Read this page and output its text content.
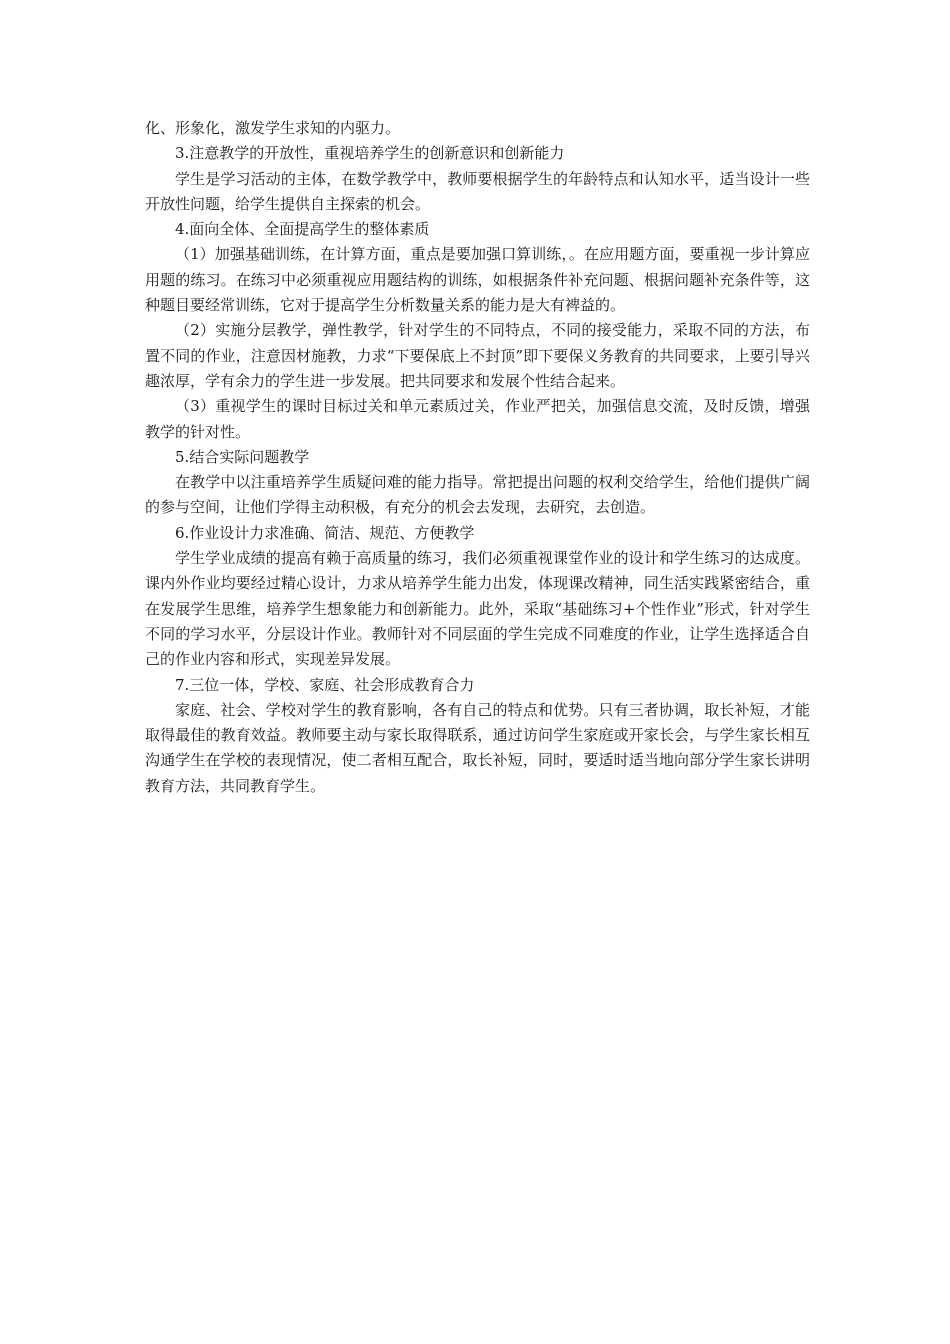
化、形象化，激发学生求知的内驱力。

3.注意教学的开放性，重视培养学生的创新意识和创新能力

学生是学习活动的主体，在数学教学中，教师要根据学生的年龄特点和认知水平，适当设计一些开放性问题，给学生提供自主探索的机会。

4.面向全体、全面提高学生的整体素质

（1）加强基础训练，在计算方面，重点是要加强口算训练，。在应用题方面，要重视一步计算应用题的练习。在练习中必须重视应用题结构的训练，如根据条件补充问题、根据问题补充条件等，这种题目要经常训练，它对于提高学生分析数量关系的能力是大有裨益的。

（2）实施分层教学，弹性教学，针对学生的不同特点，不同的接受能力，采取不同的方法，布置不同的作业，注意因材施教，力求“下要保底上不封顶”即下要保义务教育的共同要求，上要引导兴趣浓厚，学有余力的学生进一步发展。把共同要求和发展个性结合起来。

（3）重视学生的课时目标过关和单元素质过关，作业严把关，加强信息交流，及时反馈，增强教学的针对性。

5.结合实际问题教学

在教学中以注重培养学生质疑问难的能力指导。常把提出问题的权利交给学生，给他们提供广阔的参与空间，让他们学得主动积极，有充分的机会去发现，去研究，去创造。

6.作业设计力求准确、简洁、规范、方便教学

学生学业成绩的提高有赖于高质量的练习，我们必须重视课堂作业的设计和学生练习的达成度。课内外作业均要经过精心设计，力求从培养学生能力出发，体现课改精神，同生活实践紧密结合，重在发展学生思维，培养学生想象能力和创新能力。此外，采取“基础练习+个性作业”形式，针对学生不同的学习水平，分层设计作业。教师针对不同层面的学生完成不同难度的作业，让学生选择适合自己的作业内容和形式，实现差异发展。

7.三位一体，学校、家庭、社会形成教育合力

家庭、社会、学校对学生的教育影响，各有自己的特点和优势。只有三者协调，取长补短，才能取得最佳的教育效益。教师要主动与家长取得联系，通过访问学生家庭或开家长会，与学生家长相互沟通学生在学校的表现情况，使二者相互配合，取长补短，同时，要适时适当地向部分学生家长讲明教育方法，共同教育学生。
